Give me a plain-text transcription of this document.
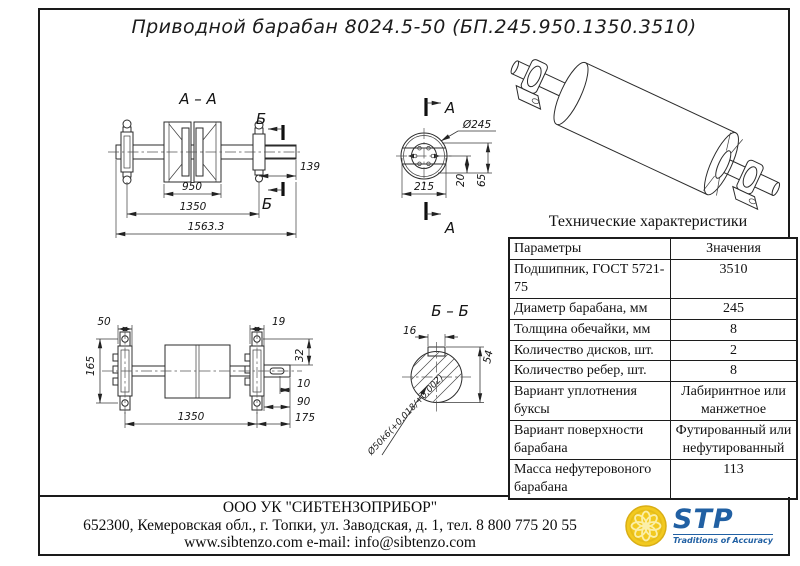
Приводной барабан 8024.5-50 (БП.245.950.1350.3510)
А – А
Б
Б
139
950
1350
1563.3
А
Ø245
215 20 65
А
50
165
19
32
10
90
1350	175
Б – Б
16
54
Ø50k6(+0,018/+0,002)
Технические характеристики
Параметры	Значения
Подшипник, ГОСТ 5721-75	3510
Диаметр барабана, мм	245
Толщина обечайки, мм	8
Количество дисков, шт.	2
Количество ребер, шт.	8
Вариант уплотнения буксы	Лабиринтное или манжетное
Вариант поверхности барабана	Футированный или нефутированный
Масса нефутеровоного барабана	113
ООО УК "СИБТЕНЗОПРИБОР"
652300, Кемеровская обл., г. Топки, ул. Заводская, д. 1, тел. 8 800 775 20 55
www.sibtenzo.com e-mail: info@sibtenzo.com
STP
Traditions of Accuracy
